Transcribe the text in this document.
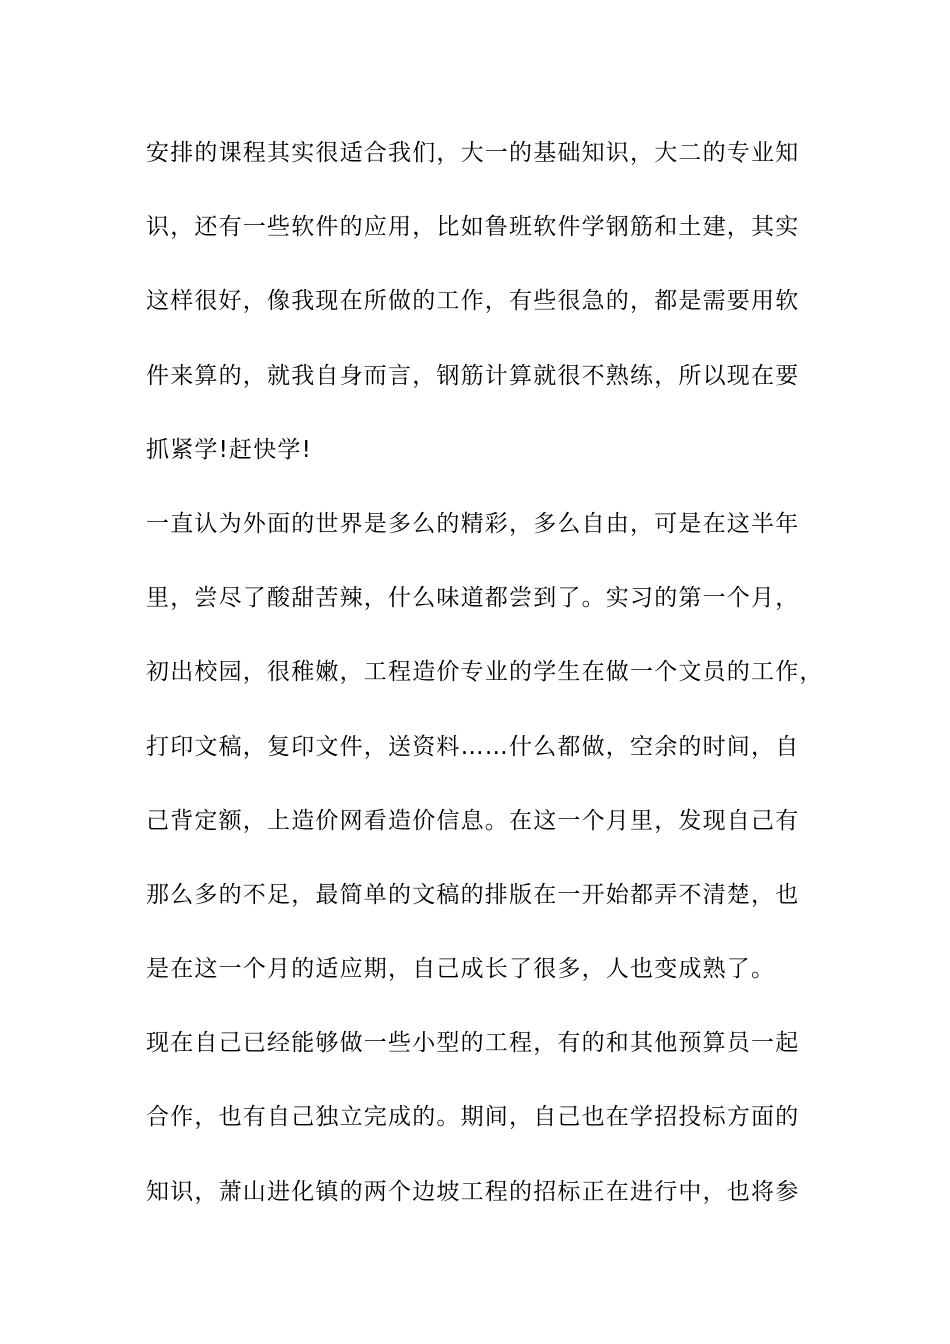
安排的课程其实很适合我们，大一的基础知识，大二的专业知
识，还有一些软件的应用，比如鲁班软件学钢筋和土建，其实
这样很好，像我现在所做的工作，有些很急的，都是需要用软
件来算的，就我自身而言，钢筋计算就很不熟练，所以现在要
抓紧学!赶快学!
一直认为外面的世界是多么的精彩，多么自由，可是在这半年
里，尝尽了酸甜苦辣，什么味道都尝到了。实习的第一个月，
初出校园，很稚嫩，工程造价专业的学生在做一个文员的工作，
打印文稿，复印文件，送资料……什么都做，空余的时间，自
己背定额，上造价网看造价信息。在这一个月里，发现自己有
那么多的不足，最简单的文稿的排版在一开始都弄不清楚，也
是在这一个月的适应期，自己成长了很多，人也变成熟了。
现在自己已经能够做一些小型的工程，有的和其他预算员一起
合作，也有自己独立完成的。期间，自己也在学招投标方面的
知识，萧山进化镇的两个边坡工程的招标正在进行中，也将参
